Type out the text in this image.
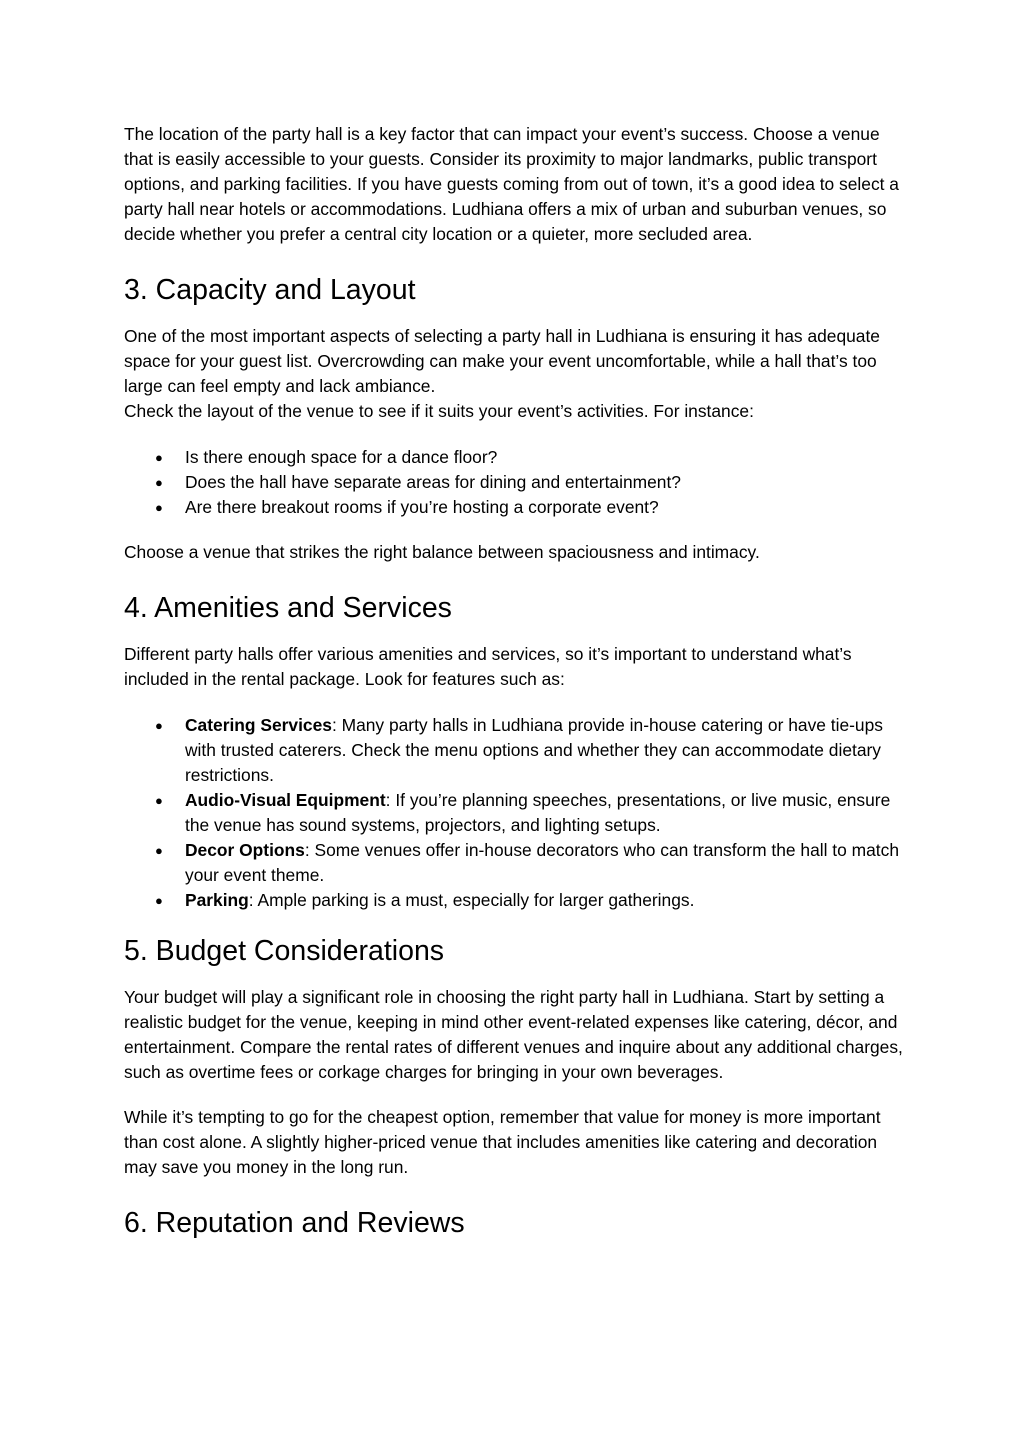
The location of the party hall is a key factor that can impact your event’s success. Choose a venue that is easily accessible to your guests. Consider its proximity to major landmarks, public transport options, and parking facilities. If you have guests coming from out of town, it’s a good idea to select a party hall near hotels or accommodations. Ludhiana offers a mix of urban and suburban venues, so decide whether you prefer a central city location or a quieter, more secluded area.

3. Capacity and Layout

One of the most important aspects of selecting a party hall in Ludhiana is ensuring it has adequate space for your guest list. Overcrowding can make your event uncomfortable, while a hall that’s too large can feel empty and lack ambiance.

Check the layout of the venue to see if it suits your event’s activities. For instance:

● Is there enough space for a dance floor?
● Does the hall have separate areas for dining and entertainment?
● Are there breakout rooms if you’re hosting a corporate event?

Choose a venue that strikes the right balance between spaciousness and intimacy.

4. Amenities and Services

Different party halls offer various amenities and services, so it’s important to understand what’s included in the rental package. Look for features such as:

● Catering Services: Many party halls in Ludhiana provide in-house catering or have tie-ups with trusted caterers. Check the menu options and whether they can accommodate dietary restrictions.
● Audio-Visual Equipment: If you’re planning speeches, presentations, or live music, ensure the venue has sound systems, projectors, and lighting setups.
● Decor Options: Some venues offer in-house decorators who can transform the hall to match your event theme.
● Parking: Ample parking is a must, especially for larger gatherings.
5. Budget Considerations

Your budget will play a significant role in choosing the right party hall in Ludhiana. Start by setting a realistic budget for the venue, keeping in mind other event-related expenses like catering, décor, and entertainment. Compare the rental rates of different venues and inquire about any additional charges, such as overtime fees or corkage charges for bringing in your own beverages.

While it’s tempting to go for the cheapest option, remember that value for money is more important than cost alone. A slightly higher-priced venue that includes amenities like catering and decoration may save you money in the long run.

6. Reputation and Reviews
